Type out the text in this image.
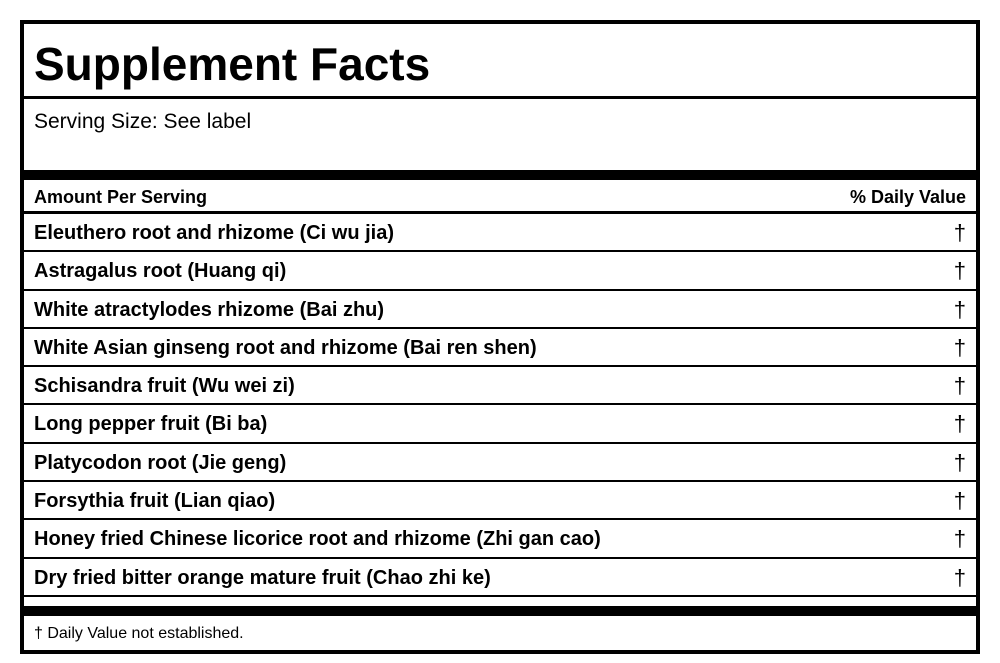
Supplement Facts
Serving Size: See label
Amount Per Serving	% Daily Value
Eleuthero root and rhizome (Ci wu jia)	†
Astragalus root (Huang qi)	†
White atractylodes rhizome (Bai zhu)	†
White Asian ginseng root and rhizome (Bai ren shen)	†
Schisandra fruit (Wu wei zi)	†
Long pepper fruit (Bi ba)	†
Platycodon root (Jie geng)	†
Forsythia fruit (Lian qiao)	†
Honey fried Chinese licorice root and rhizome (Zhi gan cao)	†
Dry fried bitter orange mature fruit (Chao zhi ke)	†
† Daily Value not established.
